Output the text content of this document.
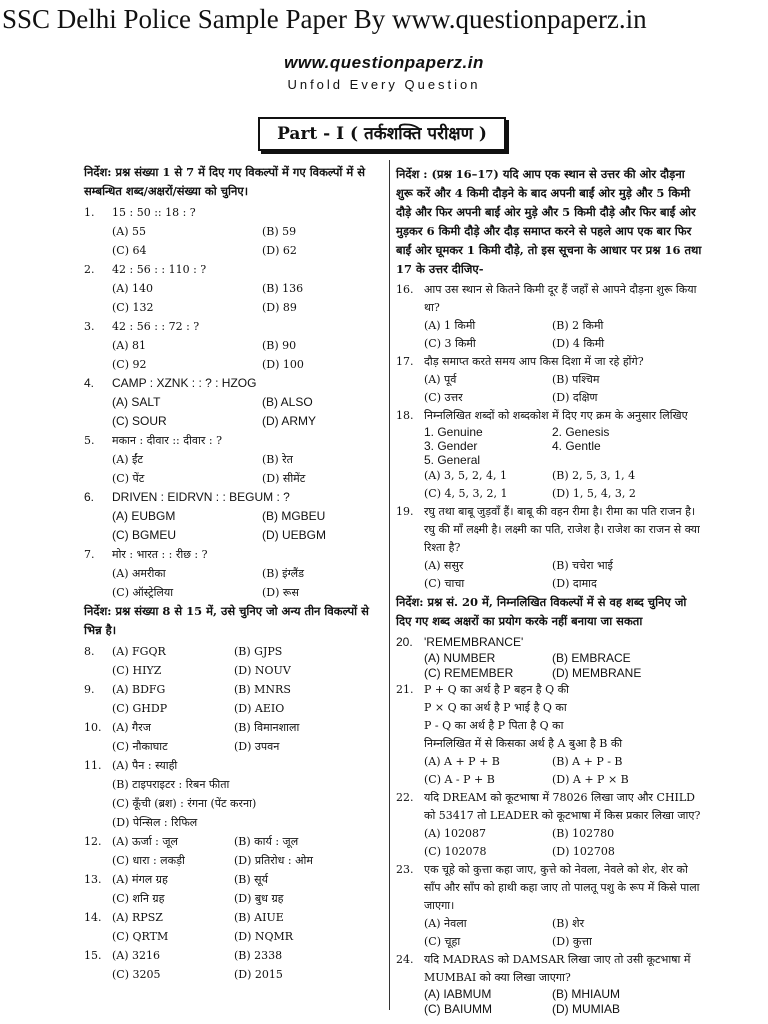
SSC Delhi Police Sample Paper By www.questionpaperz.in
www.questionpaperz.in
Unfold Every Question
Part - I ( तर्कशक्ति परीक्षण )
निर्देश: प्रश्न संख्या 1 से 7 में दिए गए विकल्पों में गए विकल्पों में से सम्बन्धित शब्द/अक्षरों/संख्या को चुनिए।
1.	15 : 50 :: 18 : ?
(A) 55	(B) 59
(C) 64	(D) 62
2.	42 : 56 : : 110 : ?
(A) 140	(B) 136
(C) 132	(D) 89
3.	42 : 56 : : 72 : ?
(A) 81	(B) 90
(C) 92	(D) 100
4.	CAMP : XZNK : : ? : HZOG
(A) SALT	(B) ALSO
(C) SOUR	(D) ARMY
5.	मकान : दीवार :: दीवार : ?
(A) ईंट	(B) रेत
(C) पेंट	(D) सीमेंट
6.	DRIVEN : EIDRVN : : BEGUM : ?
(A) EUBGM	(B) MGBEU
(C) BGMEU	(D) UEBGM
7.	मोर : भारत : : रीछ : ?
(A) अमरीका	(B) इंग्लैंड
(C) ऑस्ट्रेलिया	(D) रूस
निर्देश: प्रश्न संख्या 8 से 15 में, उसे चुनिए जो अन्य तीन विकल्पों से भिन्न है।
8.	(A) FGQR	(B) GJPS
(C) HIYZ	(D) NOUV
9.	(A) BDFG	(B) MNRS
(C) GHDP	(D) AEIO
10. (A) गैरज	(B) विमानशाला
(C) नौकाघाट	(D) उपवन
11. (A) पैन : स्याही
(B) टाइपराइटर : रिबन फीता
(C) कूँची (ब्रश) : रंगना (पेंट करना)
(D) पेन्सिल : रिफिल
12. (A) ऊर्जा : जूल	(B) कार्य : जूल
(C) धारा : लकड़ी	(D) प्रतिरोध : ओम
13. (A) मंगल ग्रह	(B) सूर्य
(C) शनि ग्रह	(D) बुध ग्रह
14. (A) RPSZ	(B) AIUE
(C) QRTM	(D) NQMR
15. (A) 3216	(B) 2338
(C) 3205	(D) 2015
निर्देश : (प्रश्न 16–17) यदि आप एक स्थान से उत्तर की ओर दौड़ना शुरू करें और 4 किमी दौड़ने के बाद अपनी बाईं ओर मुड़े और 5 किमी दौड़े और फिर अपनी बाईं ओर मुड़े और 5 किमी दौड़े और फिर बाईं ओर मुड़कर 6 किमी दौड़े और दौड़ समाप्त करने से पहले आप एक बार फिर बाईं ओर घूमकर 1 किमी दौड़े, तो इस सूचना के आधार पर प्रश्न 16 तथा 17 के उत्तर दीजिए-
16. आप उस स्थान से कितने किमी दूर हैं जहाँ से आपने दौड़ना शुरू किया था?
(A) 1 किमी	(B) 2 किमी
(C) 3 किमी	(D) 4 किमी
17. दौड़ समाप्त करते समय आप किस दिशा में जा रहे होंगे?
(A) पूर्व	(B) पश्चिम
(C) उत्तर	(D) दक्षिण
18. निम्नलिखित शब्दों को शब्दकोश में दिए गए क्रम के अनुसार लिखिए
1. Genuine	2. Genesis
3. Gender	4. Gentle
5. General
(A) 3, 5, 2, 4, 1	(B) 2, 5, 3, 1, 4
(C) 4, 5, 3, 2, 1	(D) 1, 5, 4, 3, 2
19. रघु तथा बाबू जुड़वाँ हैं। बाबू की वहन रीमा है। रीमा का पति राजन है। रघु की माँ लक्ष्मी है। लक्ष्मी का पति, राजेश है। राजेश का राजन से क्या रिश्ता है?
(A) ससुर	(B) चचेरा भाई
(C) चाचा	(D) दामाद
निर्देश: प्रश्न सं. 20 में, निम्नलिखित विकल्पों में से वह शब्द चुनिए जो दिए गए शब्द अक्षरों का प्रयोग करके नहीं बनाया जा सकता
20. 'REMEMBRANCE'
(A) NUMBER	(B) EMBRACE
(C) REMEMBER	(D) MEMBRANE
21. P + Q का अर्थ है P बहन है Q की
P × Q का अर्थ है P भाई है Q का
P - Q का अर्थ है P पिता है Q का
निम्नलिखित में से किसका अर्थ है A बुआ है B की
(A) A + P + B	(B) A + P - B
(C) A - P + B	(D) A + P × B
22. यदि DREAM को कूटभाषा में 78026 लिखा जाए और CHILD को 53417 तो LEADER को कूटभाषा में किस प्रकार लिखा जाए?
(A) 102087	(B) 102780
(C) 102078	(D) 102708
23. एक चूहे को कुत्ता कहा जाए, कुत्ते को नेवला, नेवले को शेर, शेर को साँप और साँप को हाथी कहा जाए तो पालतू पशु के रूप में किसे पाला जाएगा।
(A) नेवला	(B) शेर
(C) चूहा	(D) कुत्ता
24. यदि MADRAS को DAMSAR लिखा जाए तो उसी कूटभाषा में MUMBAI को क्या लिखा जाएगा?
(A) IABMUM	(B) MHIAUM
(C) BAIUMM	(D) MUMIAB
